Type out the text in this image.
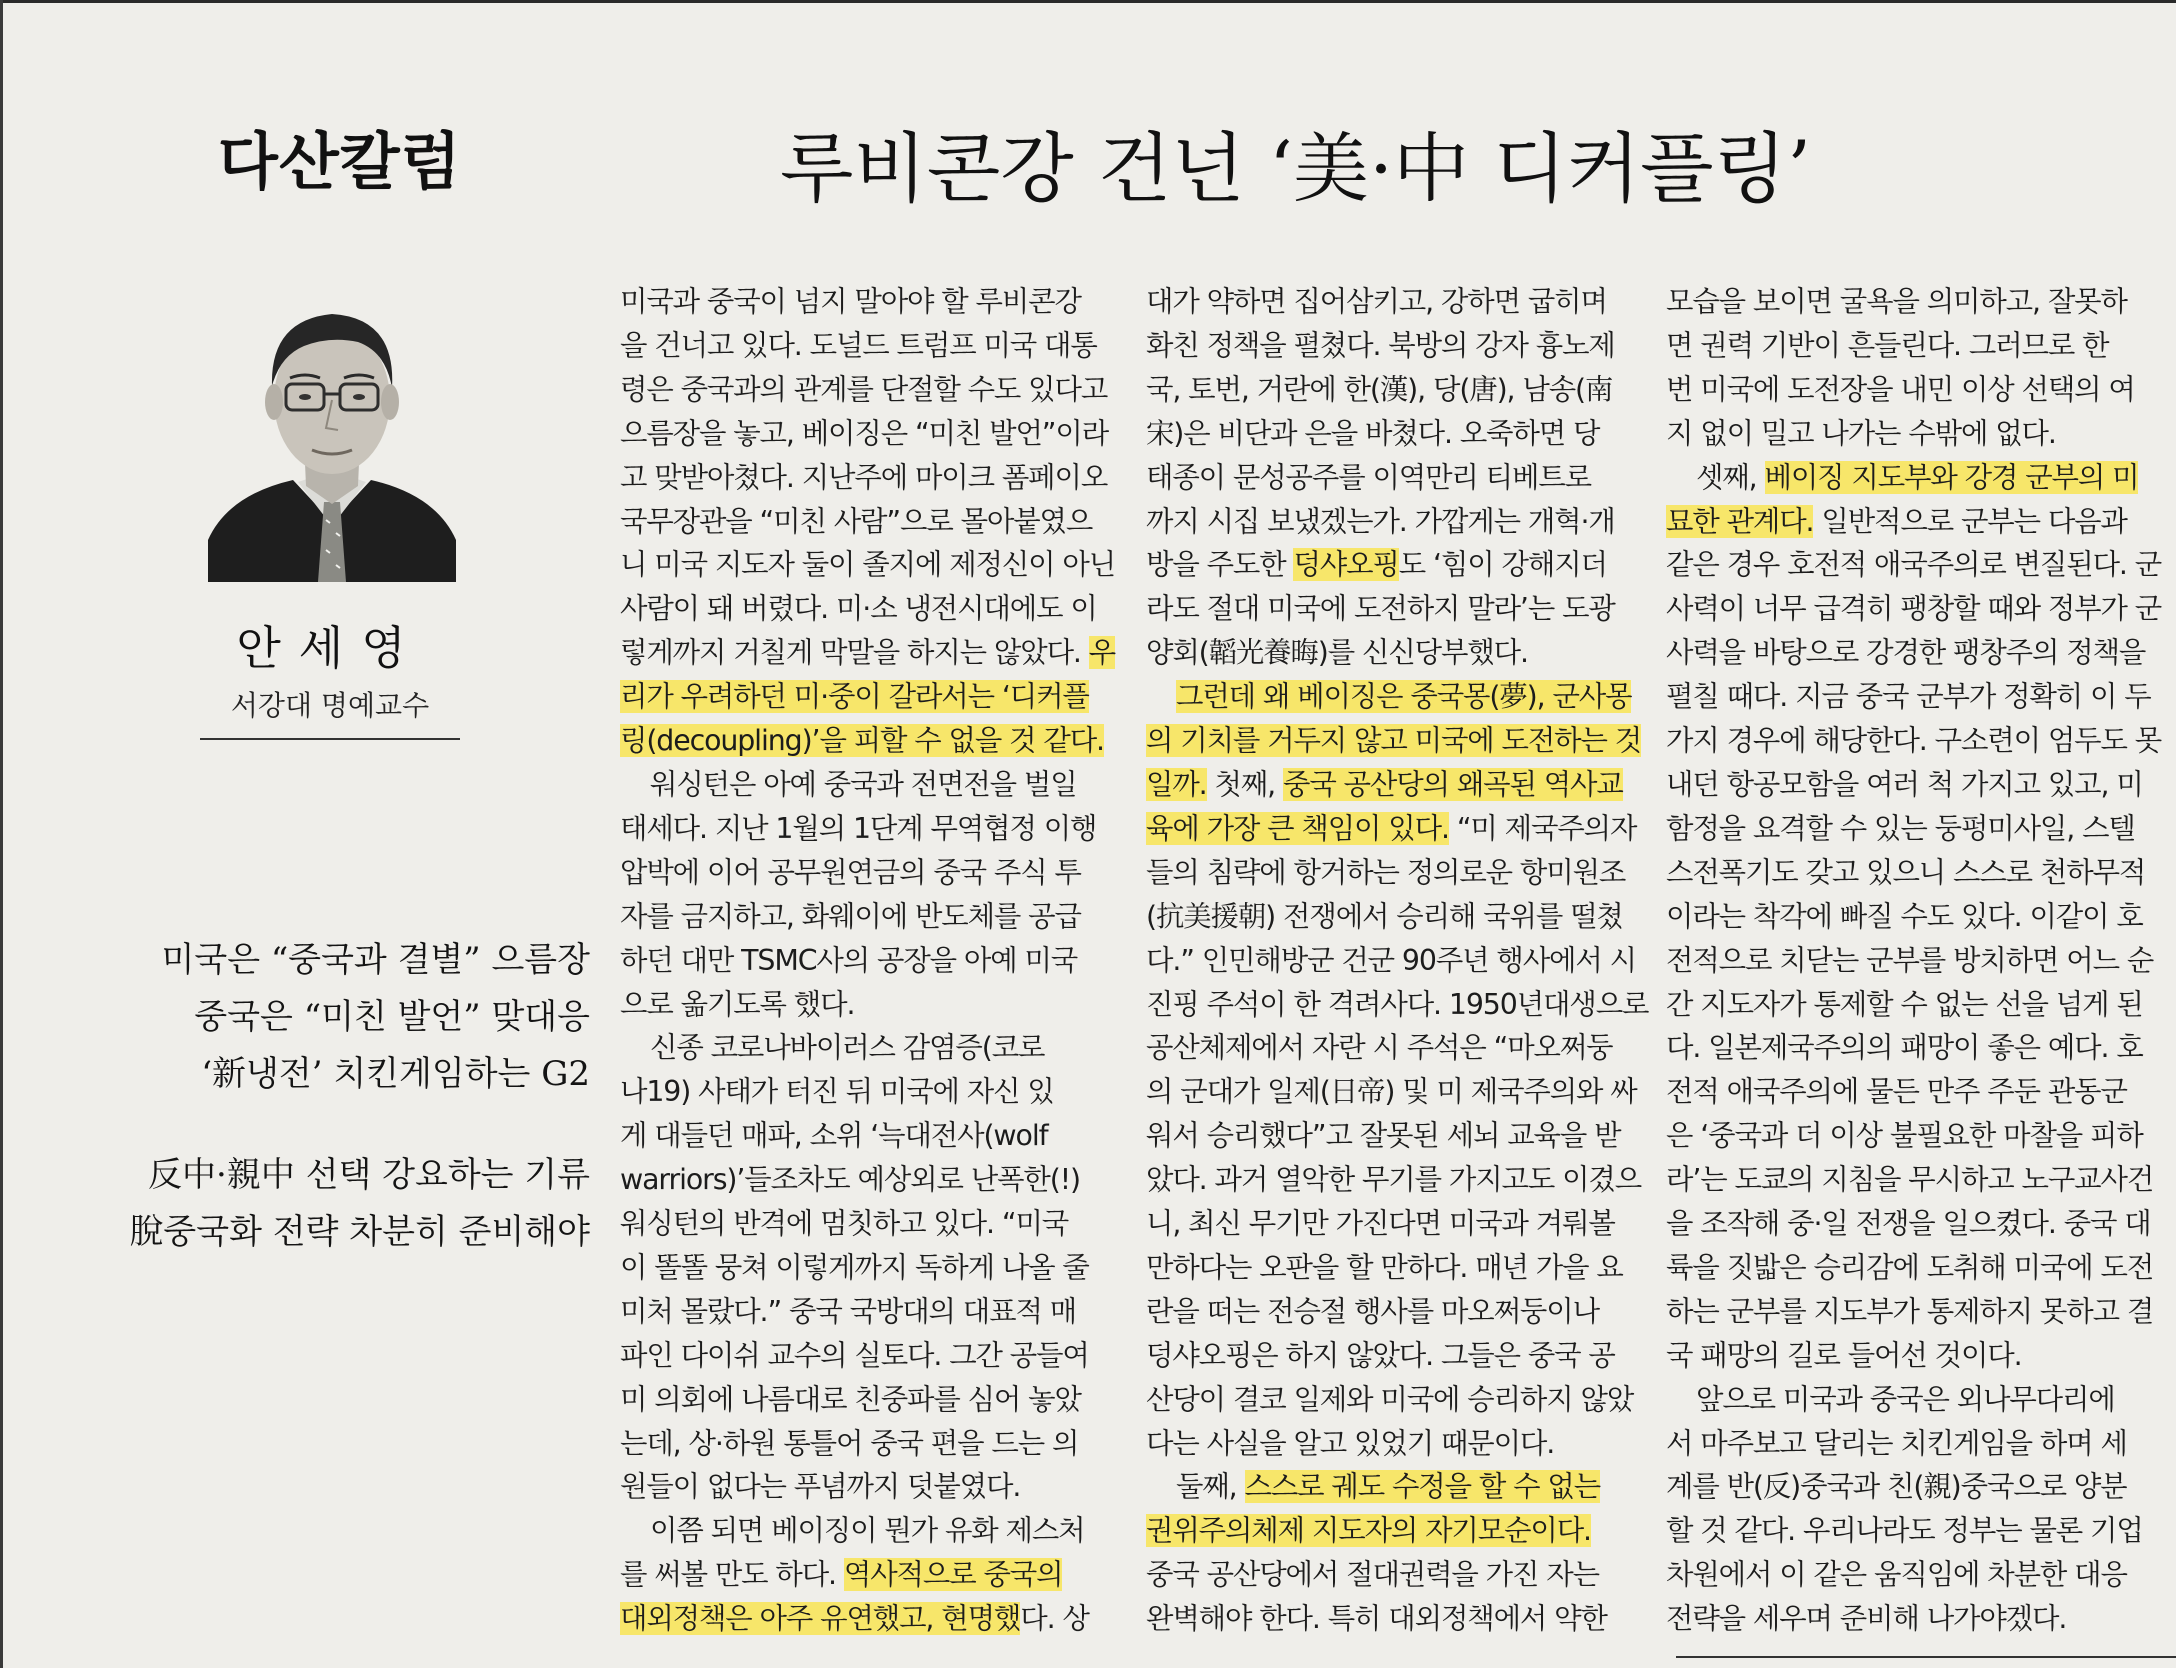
다산칼럼	루비콘강 건넌 ‘美·中 디커플링’
안세영
서강대 명예교수
미국은 “중국과 결별” 으름장
중국은 “미친 발언” 맞대응
‘新냉전’ 치킨게임하는 G2
反中·親中 선택 강요하는 기류
脫중국화 전략 차분히 준비해야

미국과 중국이 넘지 말아야 할 루비콘강

을 건너고 있다. 도널드 트럼프 미국 대통

령은 중국과의 관계를 단절할 수도 있다고

으름장을 놓고, 베이징은 “미친 발언”이라

고 맞받아쳤다. 지난주에 마이크 폼페이오

국무장관을 “미친 사람”으로 몰아붙였으

니 미국 지도자 둘이 졸지에 제정신이 아닌

사람이 돼 버렸다. 미·소 냉전시대에도 이

렇게까지 거칠게 막말을 하지는 않았다. 우

리가 우려하던 미·중이 갈라서는 ‘디커플

링(decoupling)’을 피할 수 없을 것 같다.

워싱턴은 아예 중국과 전면전을 벌일

태세다. 지난 1월의 1단계 무역협정 이행

압박에 이어 공무원연금의 중국 주식 투

자를 금지하고, 화웨이에 반도체를 공급

하던 대만 TSMC사의 공장을 아예 미국

으로 옮기도록 했다.

신종 코로나바이러스 감염증(코로

나19) 사태가 터진 뒤 미국에 자신 있

게 대들던 매파, 소위 ‘늑대전사(wolf

warriors)’들조차도 예상외로 난폭한(!)

워싱턴의 반격에 멈칫하고 있다. “미국

이 똘똘 뭉쳐 이렇게까지 독하게 나올 줄

미처 몰랐다.” 중국 국방대의 대표적 매

파인 다이쉬 교수의 실토다. 그간 공들여

미 의회에 나름대로 친중파를 심어 놓았

는데, 상·하원 통틀어 중국 편을 드는 의

원들이 없다는 푸념까지 덧붙였다.

이쯤 되면 베이징이 뭔가 유화 제스처

를 써볼 만도 하다. 역사적으로 중국의

대외정책은 아주 유연했고, 현명했다. 상

대가 약하면 집어삼키고, 강하면 굽히며

화친 정책을 펼쳤다. 북방의 강자 흉노제

국, 토번, 거란에 한(漢), 당(唐), 남송(南

宋)은 비단과 은을 바쳤다. 오죽하면 당

태종이 문성공주를 이역만리 티베트로

까지 시집 보냈겠는가. 가깝게는 개혁·개

방을 주도한 덩샤오핑도 ‘힘이 강해지더

라도 절대 미국에 도전하지 말라’는 도광

양회(韜光養晦)를 신신당부했다.

그런데 왜 베이징은 중국몽(夢), 군사몽

의 기치를 거두지 않고 미국에 도전하는 것

일까. 첫째, 중국 공산당의 왜곡된 역사교

육에 가장 큰 책임이 있다. “미 제국주의자

들의 침략에 항거하는 정의로운 항미원조

(抗美援朝) 전쟁에서 승리해 국위를 떨쳤

다.” 인민해방군 건군 90주년 행사에서 시

진핑 주석이 한 격려사다. 1950년대생으로

공산체제에서 자란 시 주석은 “마오쩌둥

의 군대가 일제(日帝) 및 미 제국주의와 싸

워서 승리했다”고 잘못된 세뇌 교육을 받

았다. 과거 열악한 무기를 가지고도 이겼으

니, 최신 무기만 가진다면 미국과 겨뤄볼

만하다는 오판을 할 만하다. 매년 가을 요

란을 떠는 전승절 행사를 마오쩌둥이나

덩샤오핑은 하지 않았다. 그들은 중국 공

산당이 결코 일제와 미국에 승리하지 않았

다는 사실을 알고 있었기 때문이다.

둘째, 스스로 궤도 수정을 할 수 없는

권위주의체제 지도자의 자기모순이다.

중국 공산당에서 절대권력을 가진 자는

완벽해야 한다. 특히 대외정책에서 약한

모습을 보이면 굴욕을 의미하고, 잘못하

면 권력 기반이 흔들린다. 그러므로 한

번 미국에 도전장을 내민 이상 선택의 여

지 없이 밀고 나가는 수밖에 없다.

셋째, 베이징 지도부와 강경 군부의 미

묘한 관계다. 일반적으로 군부는 다음과

같은 경우 호전적 애국주의로 변질된다. 군

사력이 너무 급격히 팽창할 때와 정부가 군

사력을 바탕으로 강경한 팽창주의 정책을

펼칠 때다. 지금 중국 군부가 정확히 이 두

가지 경우에 해당한다. 구소련이 엄두도 못

내던 항공모함을 여러 척 가지고 있고, 미

함정을 요격할 수 있는 둥펑미사일, 스텔

스전폭기도 갖고 있으니 스스로 천하무적

이라는 착각에 빠질 수도 있다. 이같이 호

전적으로 치닫는 군부를 방치하면 어느 순

간 지도자가 통제할 수 없는 선을 넘게 된

다. 일본제국주의의 패망이 좋은 예다. 호

전적 애국주의에 물든 만주 주둔 관동군

은 ‘중국과 더 이상 불필요한 마찰을 피하

라’는 도쿄의 지침을 무시하고 노구교사건

을 조작해 중·일 전쟁을 일으켰다. 중국 대

륙을 짓밟은 승리감에 도취해 미국에 도전

하는 군부를 지도부가 통제하지 못하고 결

국 패망의 길로 들어선 것이다.

앞으로 미국과 중국은 외나무다리에

서 마주보고 달리는 치킨게임을 하며 세

계를 반(反)중국과 친(親)중국으로 양분

할 것 같다. 우리나라도 정부는 물론 기업

차원에서 이 같은 움직임에 차분한 대응

전략을 세우며 준비해 나가야겠다.
